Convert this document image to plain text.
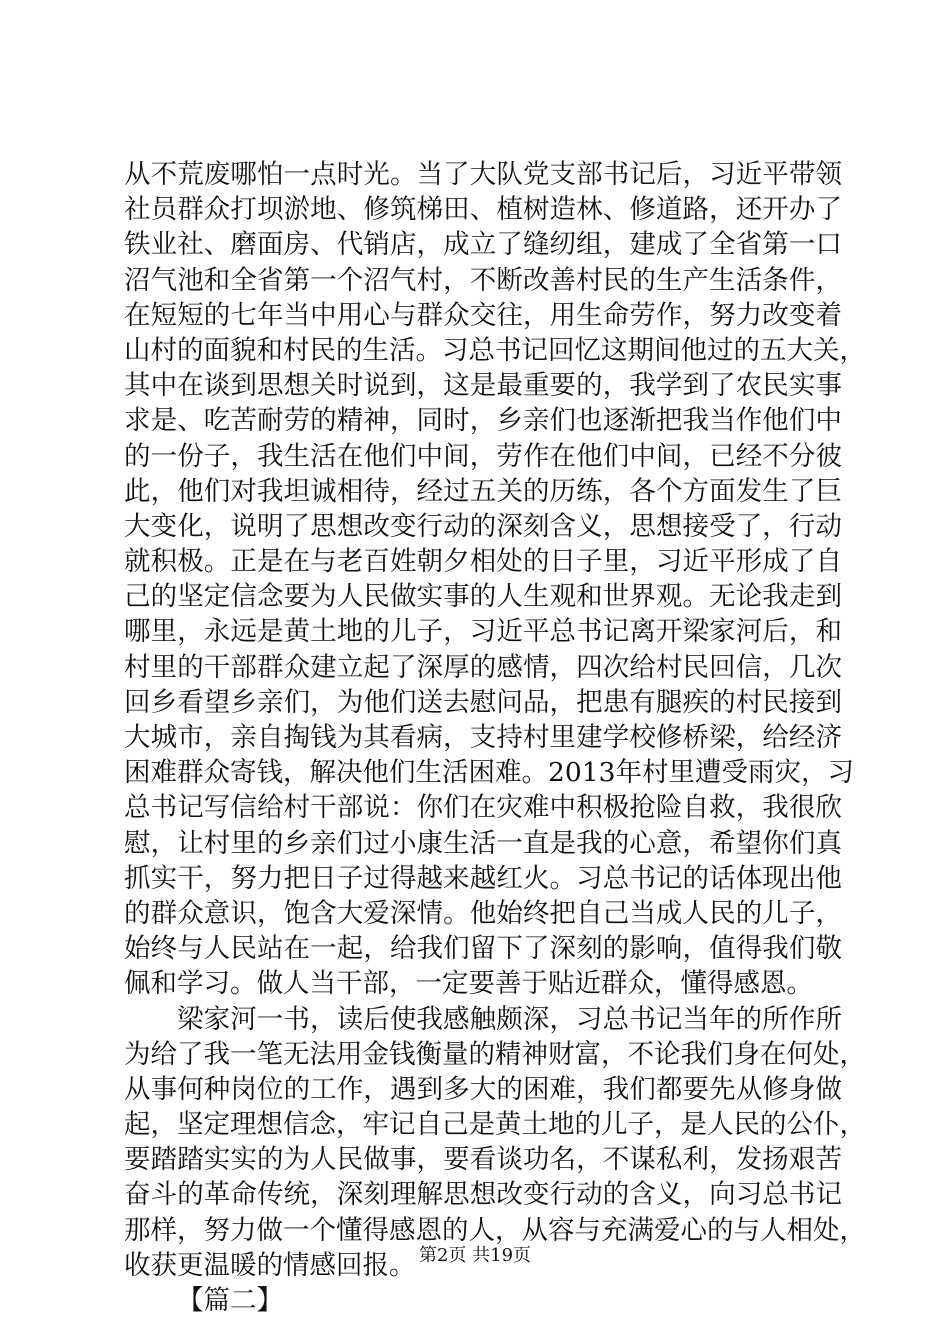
从不荒废哪怕一点时光。当了大队党支部书记后，习近平带领
社员群众打坝淤地、修筑梯田、植树造林、修道路，还开办了
铁业社、磨面房、代销店，成立了缝纫组，建成了全省第一口
沼气池和全省第一个沼气村，不断改善村民的生产生活条件，
在短短的七年当中用心与群众交往，用生命劳作，努力改变着
山村的面貌和村民的生活。习总书记回忆这期间他过的五大关，
其中在谈到思想关时说到，这是最重要的，我学到了农民实事
求是、吃苦耐劳的精神，同时，乡亲们也逐渐把我当作他们中
的一份子，我生活在他们中间，劳作在他们中间，已经不分彼
此，他们对我坦诚相待，经过五关的历练，各个方面发生了巨
大变化，说明了思想改变行动的深刻含义，思想接受了，行动
就积极。正是在与老百姓朝夕相处的日子里，习近平形成了自
己的坚定信念要为人民做实事的人生观和世界观。无论我走到
哪里，永远是黄土地的儿子，习近平总书记离开梁家河后，和
村里的干部群众建立起了深厚的感情，四次给村民回信，几次
回乡看望乡亲们，为他们送去慰问品，把患有腿疾的村民接到
大城市，亲自掏钱为其看病，支持村里建学校修桥梁，给经济
困难群众寄钱，解决他们生活困难。2013年村里遭受雨灾，习
总书记写信给村干部说：你们在灾难中积极抢险自救，我很欣
慰，让村里的乡亲们过小康生活一直是我的心意，希望你们真
抓实干，努力把日子过得越来越红火。习总书记的话体现出他
的群众意识，饱含大爱深情。他始终把自己当成人民的儿子，
始终与人民站在一起，给我们留下了深刻的影响，值得我们敬
佩和学习。做人当干部，一定要善于贴近群众，懂得感恩。
梁家河一书，读后使我感触颇深，习总书记当年的所作所
为给了我一笔无法用金钱衡量的精神财富，不论我们身在何处，
从事何种岗位的工作，遇到多大的困难，我们都要先从修身做
起，坚定理想信念，牢记自己是黄土地的儿子，是人民的公仆，
要踏踏实实的为人民做事，要看谈功名，不谋私利，发扬艰苦
奋斗的革命传统，深刻理解思想改变行动的含义，向习总书记
那样，努力做一个懂得感恩的人，从容与充满爱心的与人相处，
收获更温暖的情感回报。
【篇二】
第2页 共19页
